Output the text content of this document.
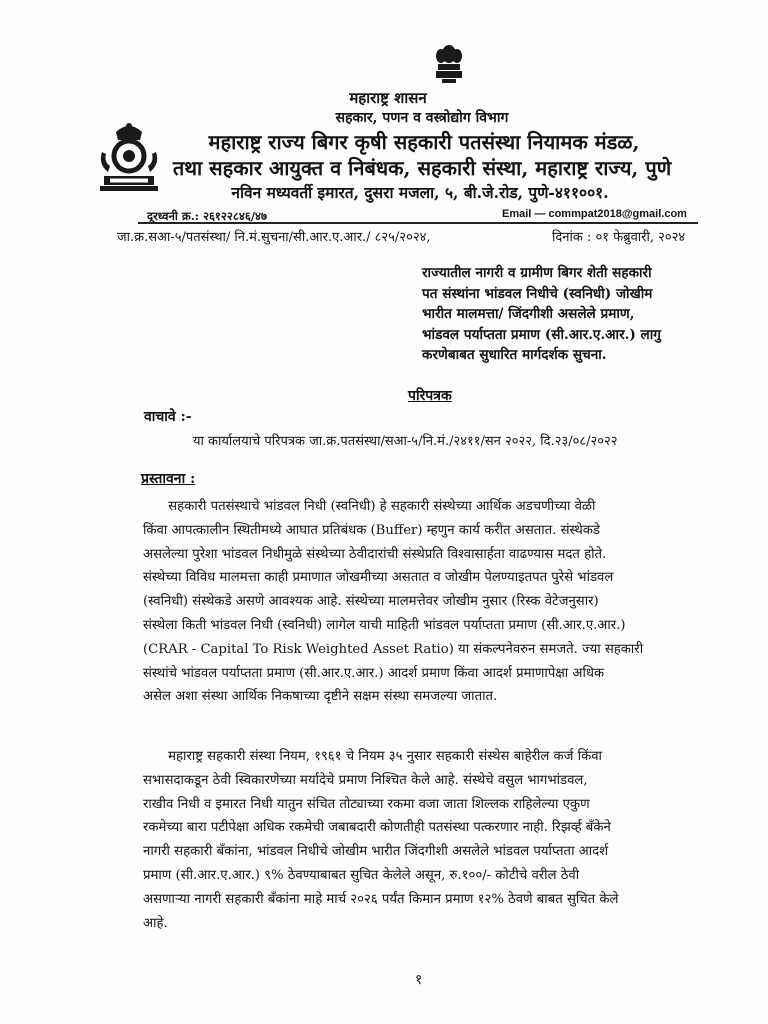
महाराष्ट्र शासन
सहकार, पणन व वस्त्रोद्योग विभाग
महाराष्ट्र राज्य बिगर कृषी सहकारी पतसंस्था नियामक मंडळ,
तथा सहकार आयुक्त व निबंधक, सहकारी संस्था, महाराष्ट्र राज्य, पुणे
नविन मध्यवर्ती इमारत, दुसरा मजला, ५, बी.जे.रोड, पुणे-४११००१.
दूरध्वनी क्र.: २६१२२८४६/४७	Email — commpat2018@gmail.com
जा.क्र.सआ-५/पतसंस्था/ नि.मं.सुचना/सी.आर.ए.आर./ ८२५/२०२४,	दिनांक : ०१ फेब्रुवारी, २०२४
राज्यातील नागरी व ग्रामीण बिगर शेती सहकारी
पत संस्थांना भांडवल निधीचे (स्वनिधी) जोखीम
भारीत मालमत्ता/ जिंदगीशी असलेले प्रमाण,
भांडवल पर्याप्तता प्रमाण (सी.आर.ए.आर.) लागु
करणेबाबत सुधारित मार्गदर्शक सुचना.
परिपत्रक
वाचावे :-
या कार्यालयाचे परिपत्रक जा.क्र.पतसंस्था/सआ-५/नि.मं./२४११/सन २०२२, दि.२३/०८/२०२२
प्रस्तावना :
सहकारी पतसंस्थाचे भांडवल निधी (स्वनिधी) हे सहकारी संस्थेच्या आर्थिक अडचणीच्या वेळी
किंवा आपत्कालीन स्थितीमध्ये आघात प्रतिबंधक (Buffer) म्हणुन कार्य करीत असतात. संस्थेकडे
असलेल्या पुरेशा भांडवल निधीमुळे संस्थेच्या ठेवीदारांची संस्थेप्रति विश्वासार्हता वाढण्यास मदत होते.
संस्थेच्या विविध मालमत्ता काही प्रमाणात जोखमीच्या असतात व जोखीम पेलण्याइतपत पुरेसे भांडवल
(स्वनिधी) संस्थेकडे असणे आवश्यक आहे. संस्थेच्या मालमत्तेवर जोखीम नुसार (रिस्क वेटेजनुसार)
संस्थेला किती भांडवल निधी (स्वनिधी) लागेल याची माहिती भांडवल पर्याप्तता प्रमाण (सी.आर.ए.आर.)
(CRAR - Capital To Risk Weighted Asset Ratio) या संकल्पनेवरुन समजते. ज्या सहकारी
संस्थांचे भांडवल पर्याप्तता प्रमाण (सी.आर.ए.आर.) आदर्श प्रमाण किंवा आदर्श प्रमाणापेक्षा अधिक
असेल अशा संस्था आर्थिक निकषाच्या दृष्टीने सक्षम संस्था समजल्या जातात.
महाराष्ट्र सहकारी संस्था नियम, १९६१ चे नियम ३५ नुसार सहकारी संस्थेस बाहेरील कर्ज किंवा
सभासदाकडून ठेवी स्विकारणेच्या मर्यादेचे प्रमाण निश्चित केले आहे. संस्थेचे वसुल भागभांडवल,
राखीव निधी व इमारत निधी यातुन संचित तोट्याच्या रकमा वजा जाता शिल्लक राहिलेल्या एकुण
रकमेच्या बारा पटीपेक्षा अधिक रकमेची जबाबदारी कोणतीही पतसंस्था पत्करणार नाही. रिझर्व्ह बँकेने
नागरी सहकारी बँकांना, भांडवल निधीचे जोखीम भारीत जिंदगीशी असलेले भांडवल पर्याप्तता आदर्श
प्रमाण (सी.आर.ए.आर.) ९% ठेवण्याबाबत सुचित केलेले असून, रु.१००/- कोटीचे वरील ठेवी
असणाऱ्या नागरी सहकारी बँकांना माहे मार्च २०२६ पर्यंत किमान प्रमाण १२% ठेवणे बाबत सुचित केले
आहे.
१
